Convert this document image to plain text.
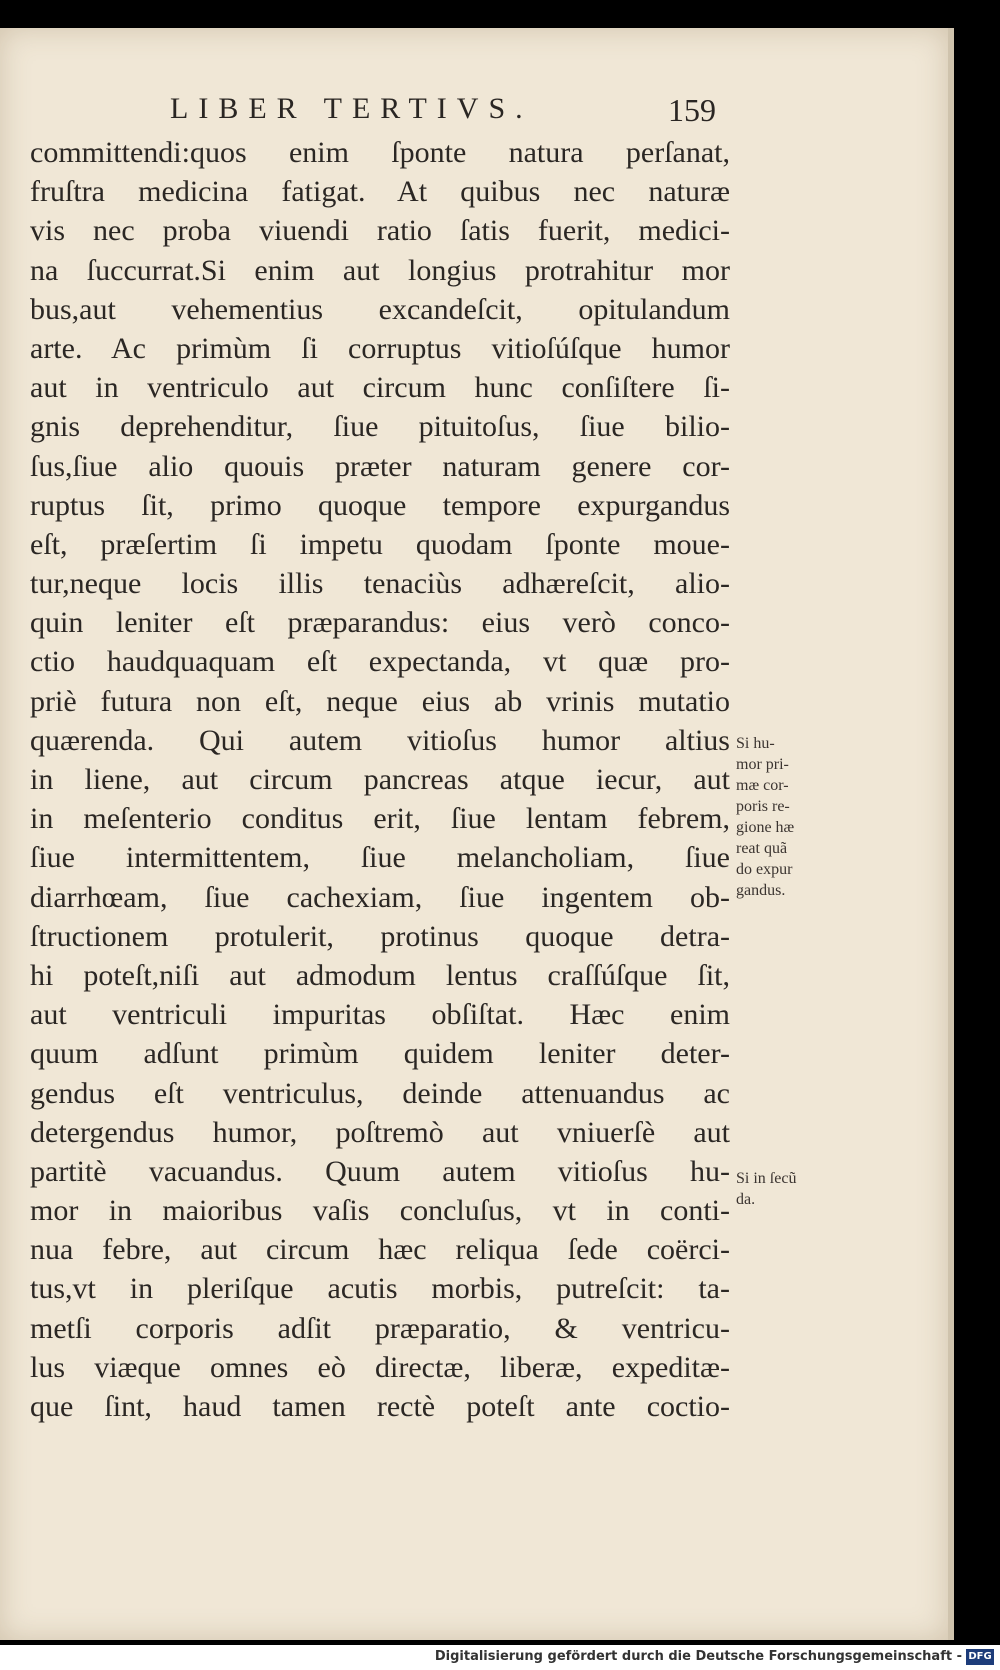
LIBER TERTIVS.	159
committendi:quos enim ſponte natura perſanat,
fruſtra medicina fatigat. At quibus nec naturæ
vis nec proba viuendi ratio ſatis fuerit, medici-
na ſuccurrat.Si enim aut longius protrahitur mor
bus,aut vehementius excandeſcit, opitulandum
arte. Ac primùm ſi corruptus vitioſúſque humor
aut in ventriculo aut circum hunc conſiſtere ſi-
gnis deprehenditur, ſiue pituitoſus, ſiue bilio-
ſus,ſiue alio quouis præter naturam genere cor-
ruptus ſit, primo quoque tempore expurgandus
eſt, præſertim ſi impetu quodam ſponte moue-
tur,neque locis illis tenaciùs adhæreſcit, alio-
quin leniter eſt præparandus: eius verò conco-
ctio haudquaquam eſt expectanda, vt quæ pro-
priè futura non eſt, neque eius ab vrinis mutatio
quærenda. Qui autem vitioſus humor altius
in liene, aut circum pancreas atque iecur, aut
in meſenterio conditus erit, ſiue lentam febrem,
ſiue intermittentem, ſiue melancholiam, ſiue
diarrhœam, ſiue cachexiam, ſiue ingentem ob-
ſtructionem protulerit, protinus quoque detra-
hi poteſt,niſi aut admodum lentus craſſúſque ſit,
aut ventriculi impuritas obſiſtat. Hæc enim
quum adſunt primùm quidem leniter deter-
gendus eſt ventriculus, deinde attenuandus ac
detergendus humor, poſtremò aut vniuerſè aut
partitè vacuandus. Quum autem vitioſus hu-
mor in maioribus vaſis concluſus, vt in conti-
nua febre, aut circum hæc reliqua ſede coërci-
tus,vt in pleriſque acutis morbis, putreſcit: ta-
metſi corporis adſit præparatio, & ventricu-
lus viæque omnes eò directæ, liberæ, expeditæ-
que ſint, haud tamen rectè poteſt ante coctio-
Si hu-
mor pri-
mæ cor-
poris re-
gione hæ
reat quã
do expur
gandus.
Si in ſecũ
da.
Digitalisierung gefördert durch die Deutsche Forschungsgemeinschaft - DFG
